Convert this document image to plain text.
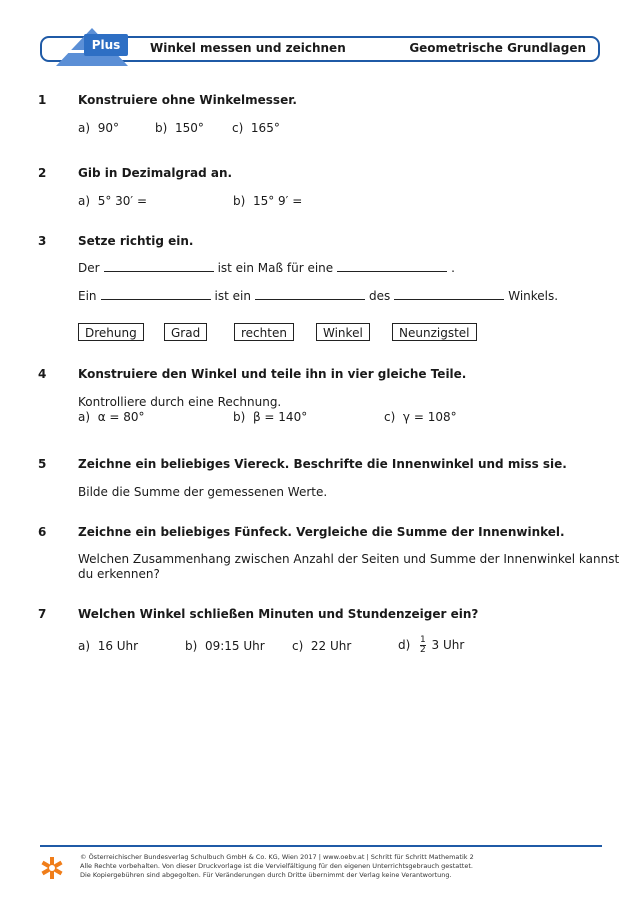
Plus	Winkel messen und zeichnen	Geometrische Grundlagen
1	Konstruiere ohne Winkelmesser.
a) 90°	b) 150° c) 165°
2	Gib in Dezimalgrad an.
a) 5° 30′ =	b) 15° 9′ =
3	Setze richtig ein.
Der	ist ein Maß für eine	.
Ein	ist ein	des	Winkels.
Drehung	Grad	rechten	Winkel	Neunzigstel
4	Konstruiere den Winkel und teile ihn in vier gleiche Teile.
Kontrolliere durch eine Rechnung.
a) α = 80°	b) β = 140°	c) γ = 108°
5	Zeichne ein beliebiges Viereck. Beschrifte die Innenwinkel und miss sie.
Bilde die Summe der gemessenen Werte.
6	Zeichne ein beliebiges Fünfeck. Vergleiche die Summe der Innenwinkel.
Welchen Zusammenhang zwischen Anzahl der Seiten und Summe der Innenwinkel kannst
du erkennen?
7	Welchen Winkel schließen Minuten und Stundenzeiger ein?
a) 16 Uhr	b) 09:15 Uhr c) 22 Uhr	$d) \frac{1}{2} 3$ Uhr
© Österreichischer Bundesverlag Schulbuch GmbH & Co. KG, Wien 2017 | www.oebv.at | Schritt für Schritt Mathematik 2
Alle Rechte vorbehalten. Von dieser Druckvorlage ist die Vervielfältigung für den eigenen Unterrichtsgebrauch gestattet.
Die Kopiergebühren sind abgegolten. Für Veränderungen durch Dritte übernimmt der Verlag keine Verantwortung.
